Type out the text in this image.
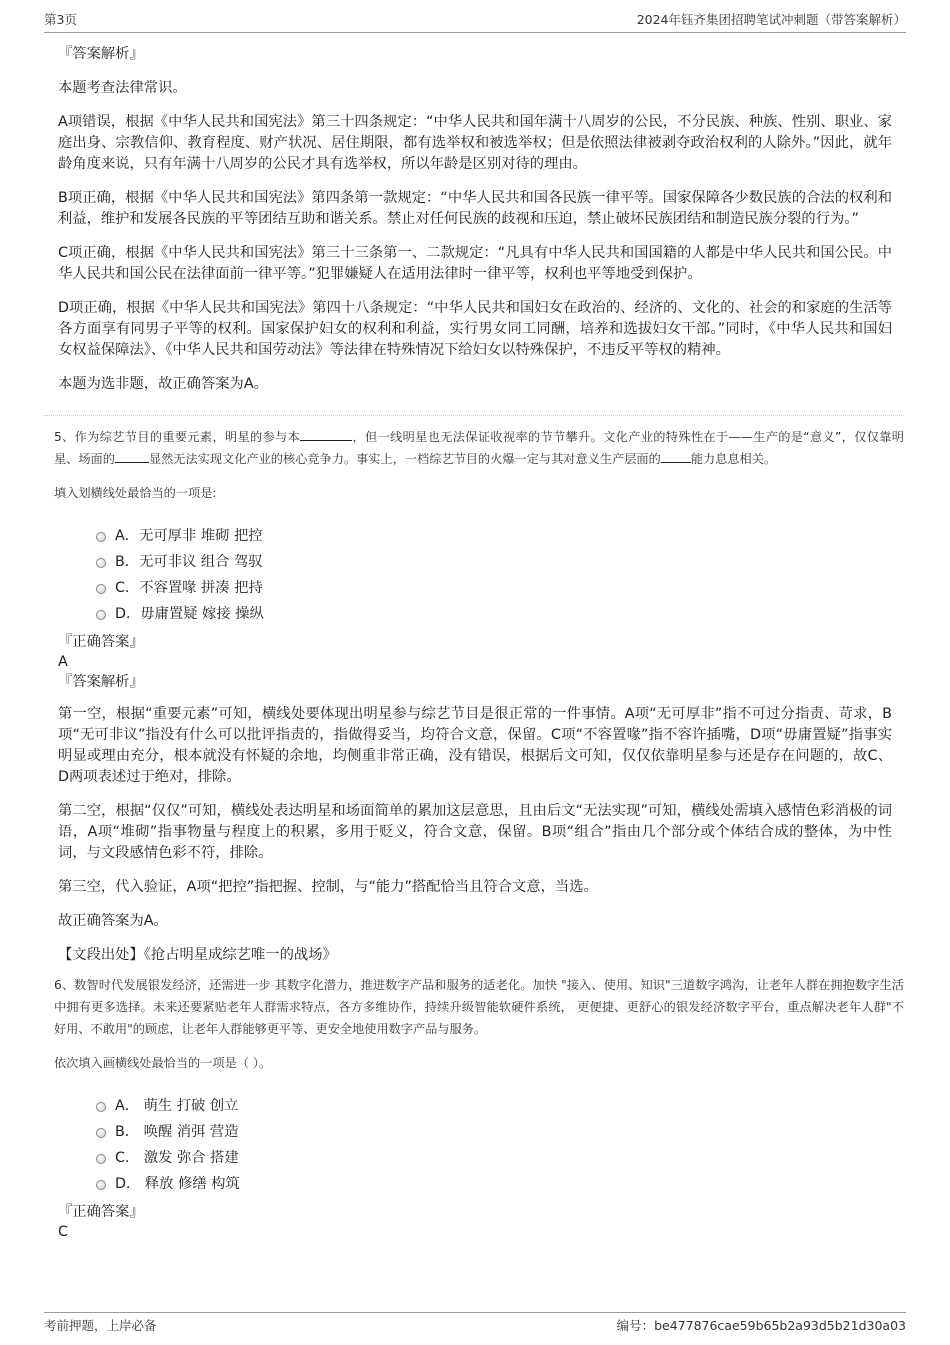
第3页	2024年钰齐集团招聘笔试冲刺题（带答案解析）
『答案解析』
本题考查法律常识。
A项错误，根据《中华人民共和国宪法》第三十四条规定：“中华人民共和国年满十八周岁的公民，不分民族、种族、性别、职业、家庭出身、宗教信仰、教育程度、财产状况、居住期限，都有选举权和被选举权；但是依照法律被剥夺政治权利的人除外。”因此，就年龄角度来说，只有年满十八周岁的公民才具有选举权，所以年龄是区别对待的理由。
B项正确，根据《中华人民共和国宪法》第四条第一款规定：“中华人民共和国各民族一律平等。国家保障各少数民族的合法的权利和利益，维护和发展各民族的平等团结互助和谐关系。禁止对任何民族的歧视和压迫，禁止破坏民族团结和制造民族分裂的行为。”
C项正确，根据《中华人民共和国宪法》第三十三条第一、二款规定：“凡具有中华人民共和国国籍的人都是中华人民共和国公民。中华人民共和国公民在法律面前一律平等。”犯罪嫌疑人在适用法律时一律平等，权利也平等地受到保护。
D项正确，根据《中华人民共和国宪法》第四十八条规定：“中华人民共和国妇女在政治的、经济的、文化的、社会的和家庭的生活等各方面享有同男子平等的权利。国家保护妇女的权利和利益，实行男女同工同酬，培养和选拔妇女干部。”同时，《中华人民共和国妇女权益保障法》、《中华人民共和国劳动法》等法律在特殊情况下给妇女以特殊保护，不违反平等权的精神。
本题为选非题，故正确答案为A。
5、作为综艺节目的重要元素，明星的参与本	，但一线明星也无法保证收视率的节节攀升。文化产业的特殊性在于——生产的是“意义”，仅仅靠明星、场面的	显然无法实现文化产业的核心竞争力。事实上，一档综艺节目的火爆一定与其对意义生产层面的 能力息息相关。
填入划横线处最恰当的一项是:
A．无可厚非 堆砌 把控
B．无可非议 组合 驾驭
C．不容置喙 拼凑 把持
D．毋庸置疑 嫁接 操纵
『正确答案』
A
『答案解析』
第一空，根据“重要元素”可知，横线处要体现出明星参与综艺节目是很正常的一件事情。A项“无可厚非”指不可过分指责、苛求，B项“无可非议”指没有什么可以批评指责的，指做得妥当，均符合文意，保留。C项“不容置喙”指不容许插嘴，D项“毋庸置疑”指事实明显或理由充分，根本就没有怀疑的余地，均侧重非常正确，没有错误，根据后文可知，仅仅依靠明星参与还是存在问题的，故C、D两项表述过于绝对，排除。
第二空，根据“仅仅”可知，横线处表达明星和场面简单的累加这层意思，且由后文“无法实现”可知，横线处需填入感情色彩消极的词语，A项“堆砌”指事物量与程度上的积累，多用于贬义，符合文意，保留。B项“组合”指由几个部分或个体结合成的整体，为中性词，与文段感情色彩不符，排除。
第三空，代入验证，A项“把控”指把握、控制，与“能力”搭配恰当且符合文意，当选。
故正确答案为A。
【文段出处】《抢占明星成综艺唯一的战场》
6、数智时代发展银发经济，还需进一步 其数字化潜力，推进数字产品和服务的适老化。加快 "接入、使用、知识"三道数字鸿沟，让老年人群在拥抱数字生活中拥有更多选择。未来还要紧贴老年人群需求特点，各方多维协作，持续升级智能软硬件系统， 更便捷、更舒心的银发经济数字平台，重点解决老年人群"不好用、不敢用"的顾虑，让老年人群能够更平等、更安全地使用数字产品与服务。
依次填入画横线处最恰当的一项是（ ）。
A． 萌生 打破 创立
B． 唤醒 消弭 营造
C． 激发 弥合 搭建
D． 释放 修缮 构筑
『正确答案』
C
考前押题，上岸必备	编号：be477876cae59b65b2a93d5b21d30a03
